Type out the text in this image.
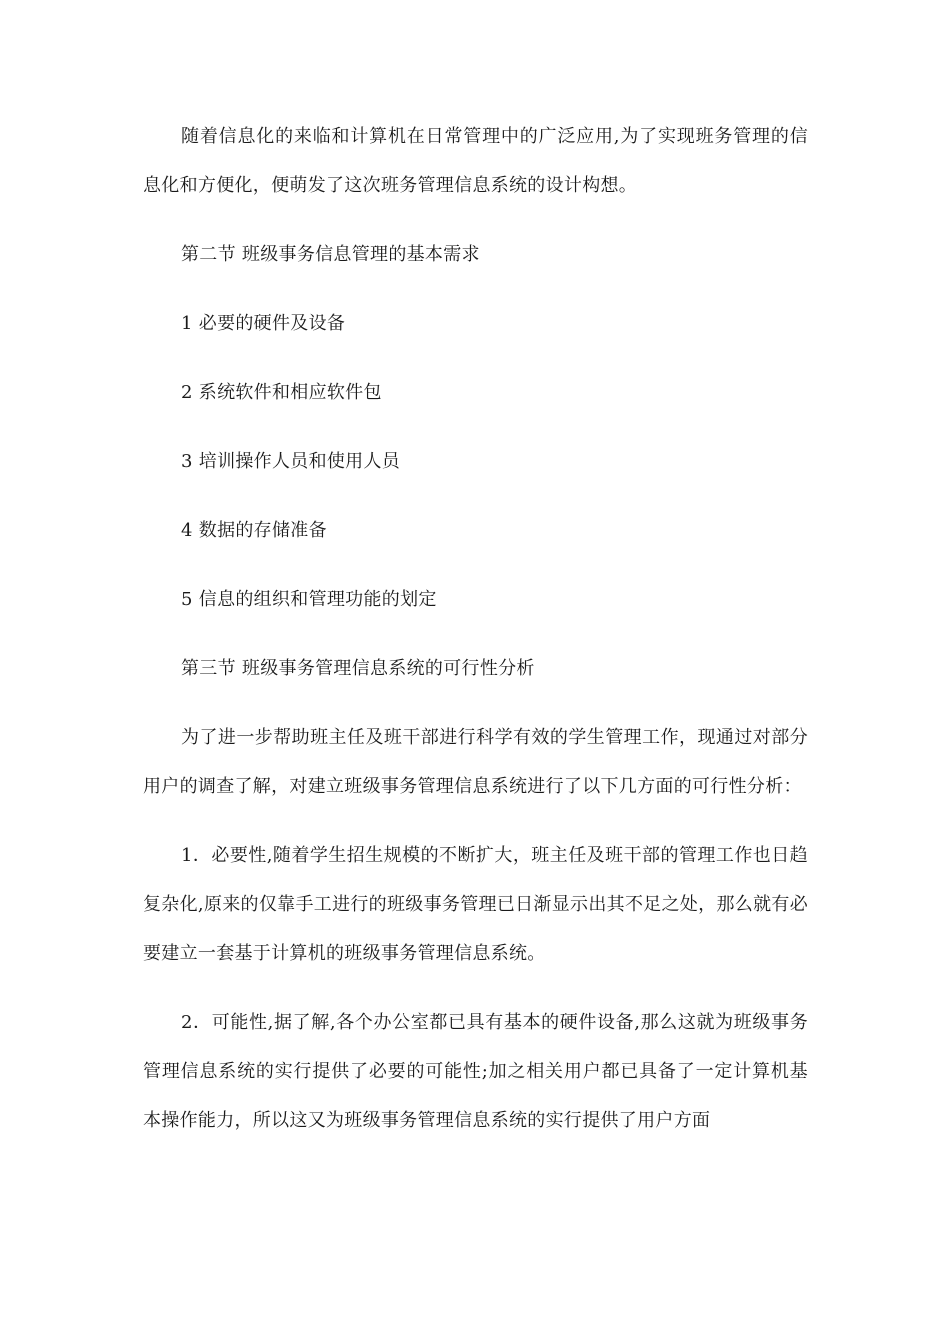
随着信息化的来临和计算机在日常管理中的广泛应用,为了实现班务管理的信息化和方便化，便萌发了这次班务管理信息系统的设计构想。

第二节 班级事务信息管理的基本需求
1 必要的硬件及设备
2 系统软件和相应软件包
3 培训操作人员和使用人员
4 数据的存储准备
5 信息的组织和管理功能的划定
第三节 班级事务管理信息系统的可行性分析

为了进一步帮助班主任及班干部进行科学有效的学生管理工作，现通过对部分用户的调查了解，对建立班级事务管理信息系统进行了以下几方面的可行性分析：

1．必要性,随着学生招生规模的不断扩大，班主任及班干部的管理工作也日趋复杂化,原来的仅靠手工进行的班级事务管理已日渐显示出其不足之处，那么就有必要建立一套基于计算机的班级事务管理信息系统。

2．可能性,据了解,各个办公室都已具有基本的硬件设备,那么这就为班级事务管理信息系统的实行提供了必要的可能性;加之相关用户都已具备了一定计算机基本操作能力，所以这又为班级事务管理信息系统的实行提供了用户方面
